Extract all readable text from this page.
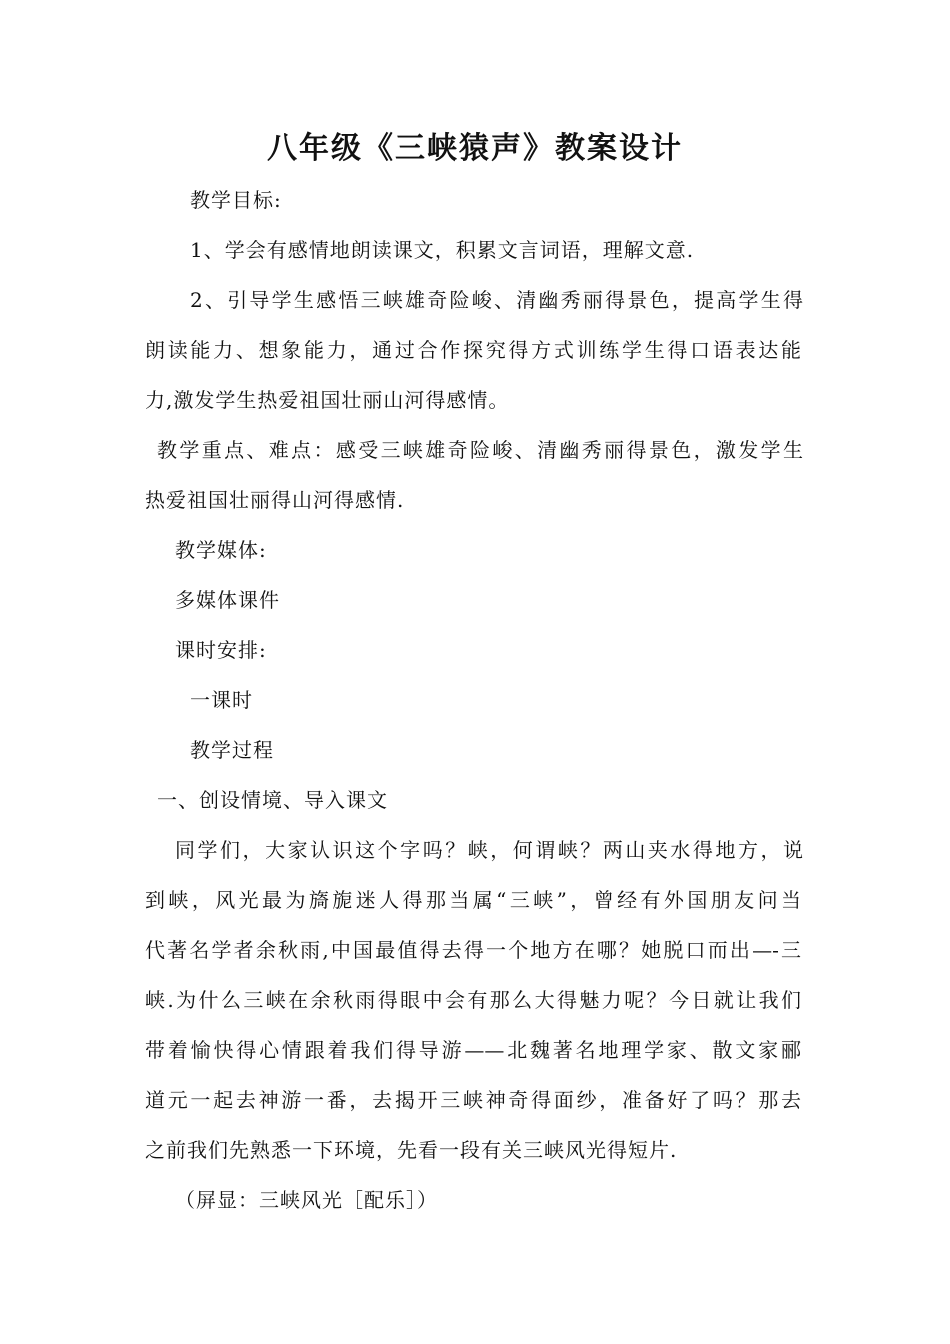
八年级《三峡猿声》教案设计
教学目标:
1、学会有感情地朗读课文，积累文言词语，理解文意.
2、引导学生感悟三峡雄奇险峻、清幽秀丽得景色，提高学生得
朗读能力、想象能力，通过合作探究得方式训练学生得口语表达能
力,激发学生热爱祖国壮丽山河得感情。
教学重点、难点：感受三峡雄奇险峻、清幽秀丽得景色，激发学生
热爱祖国壮丽得山河得感情.
教学媒体:
多媒体课件
课时安排:
一课时
教学过程
一、创设情境、导入课文
同学们，大家认识这个字吗？峡，何谓峡？两山夹水得地方，说
到峡，风光最为旖旎迷人得那当属“三峡”，曾经有外国朋友问当
代著名学者余秋雨,中国最值得去得一个地方在哪？她脱口而出—-三
峡.为什么三峡在余秋雨得眼中会有那么大得魅力呢？今日就让我们
带着愉快得心情跟着我们得导游——北魏著名地理学家、散文家郦
道元一起去神游一番，去揭开三峡神奇得面纱，准备好了吗？那去
之前我们先熟悉一下环境，先看一段有关三峡风光得短片.
（屏显：三峡风光［配乐］）
